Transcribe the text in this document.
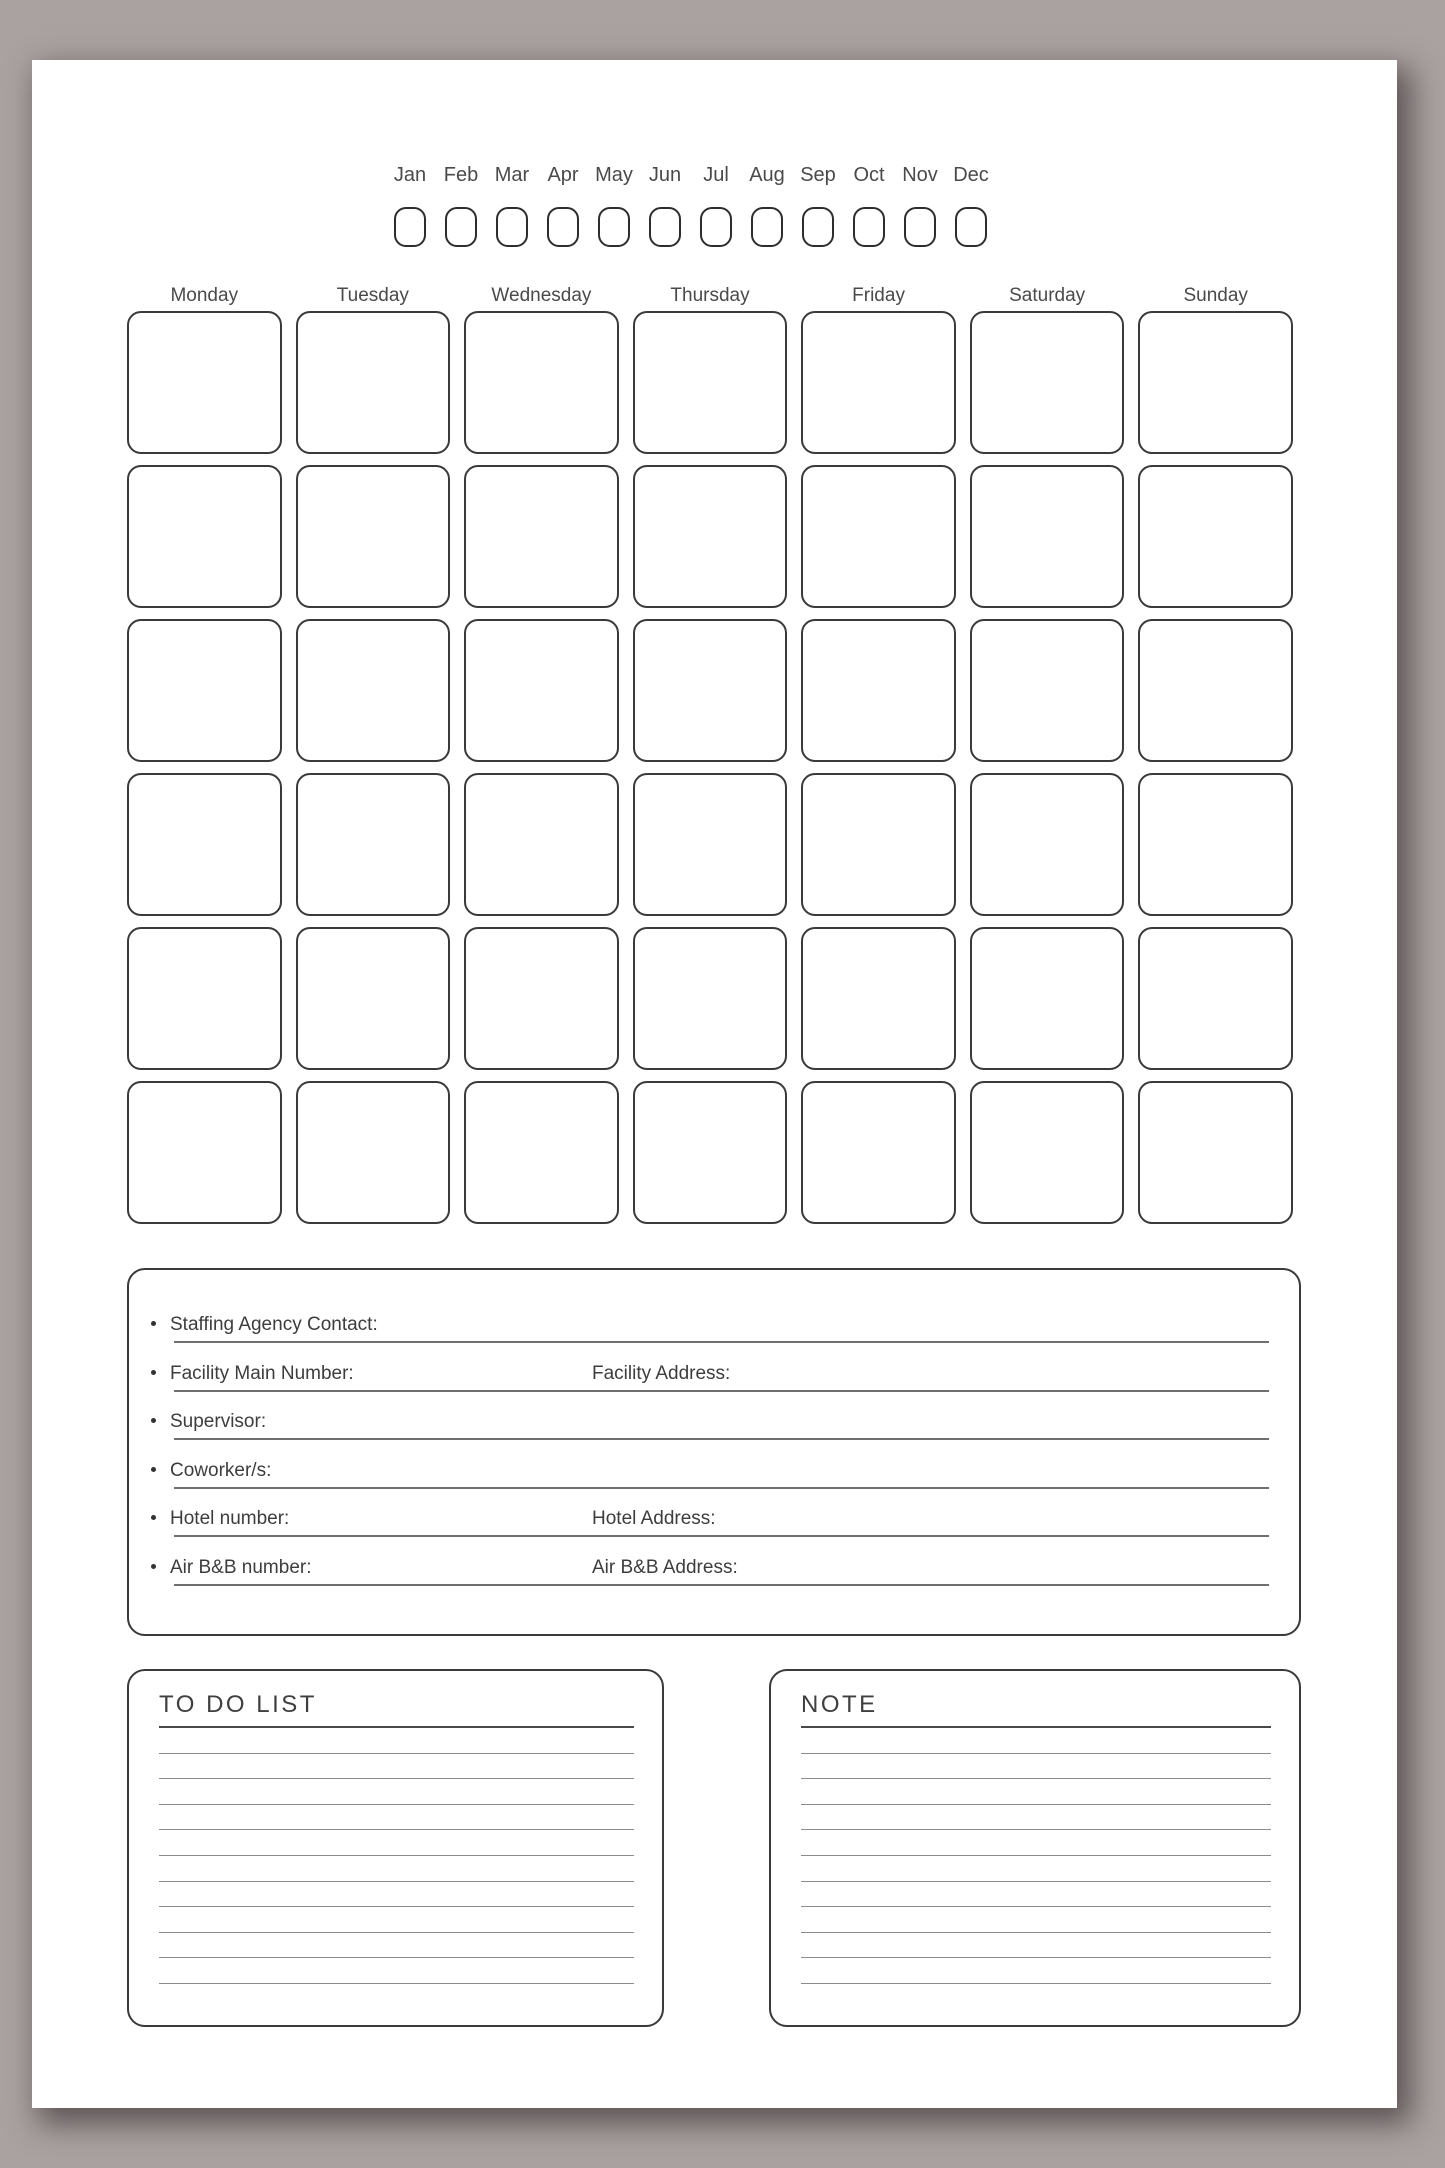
Jan Feb Mar Apr May Jun Jul Aug Sep Oct Nov Dec
Monday	Tuesday	Wednesday	Thursday	Friday	Saturday	Sunday
Staffing Agency Contact:
Facility Main Number:	Facility Address:
Supervisor:
Coworker/s:
Hotel number:	Hotel Address:
Air B&B number:	Air B&B Address:
TO DO LIST	NOTE
